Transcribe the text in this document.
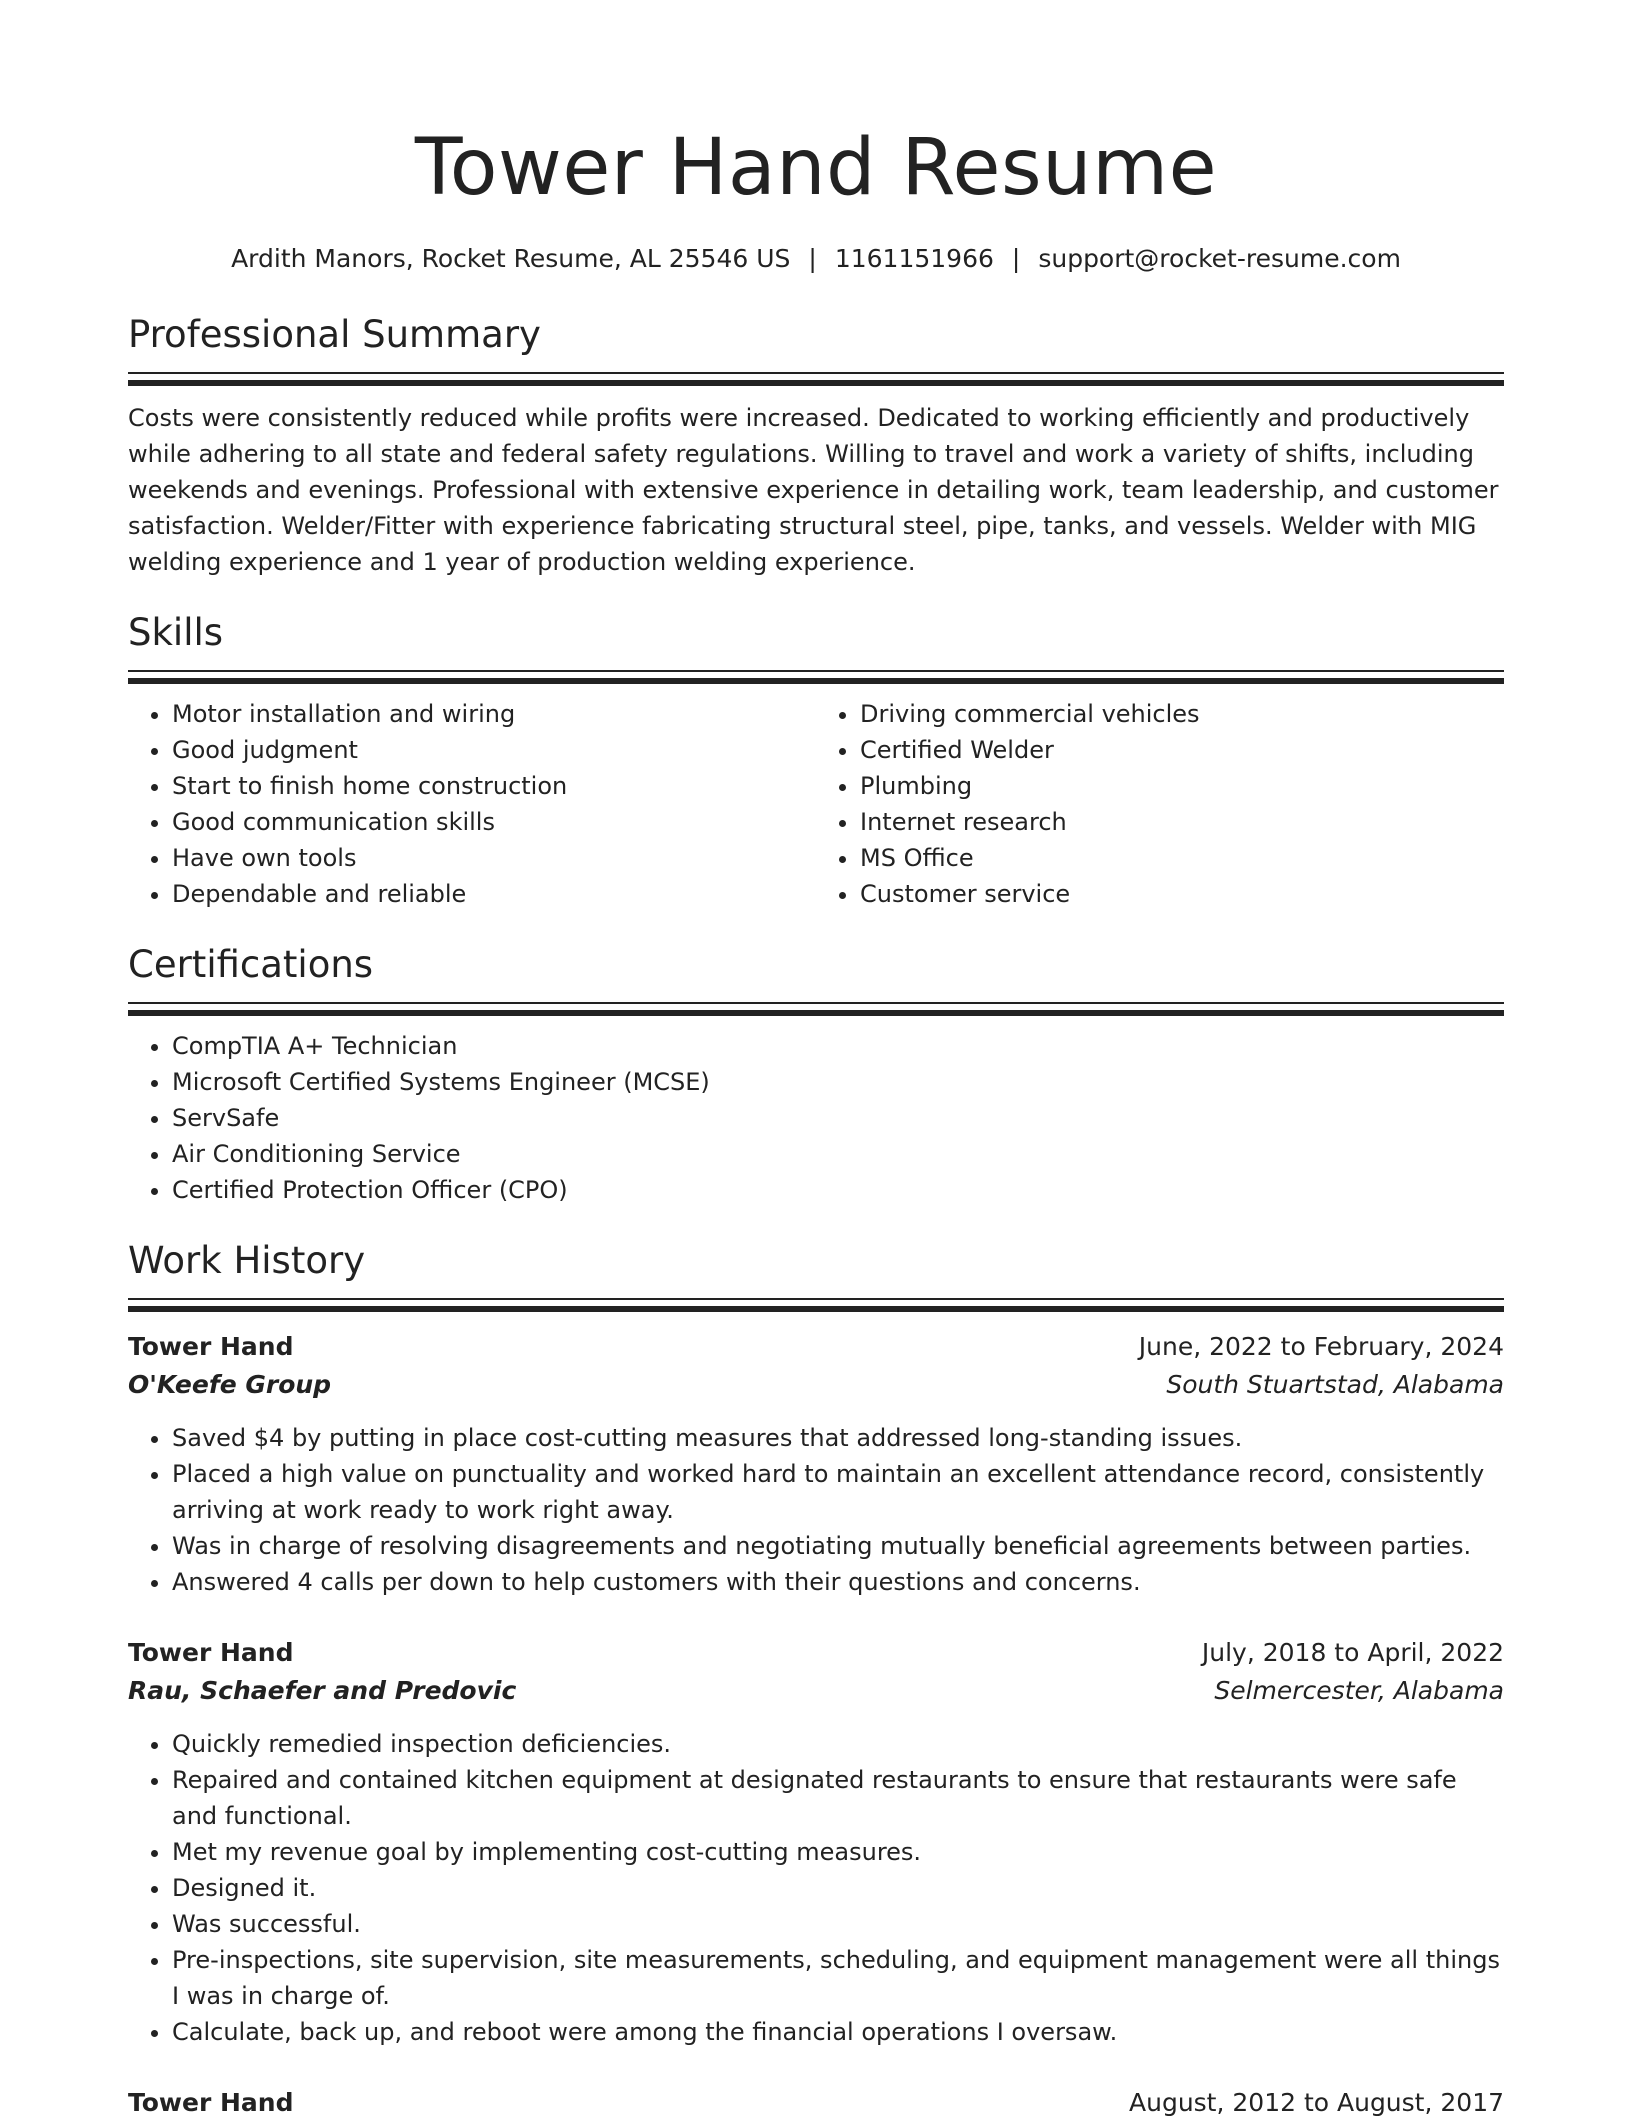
Tower Hand Resume
Ardith Manors, Rocket Resume, AL 25546 US | 1161151966 | support@rocket-resume.com
Professional Summary

Costs were consistently reduced while profits were increased. Dedicated to working efficiently and productively while adhering to all state and federal safety regulations. Willing to travel and work a variety of shifts, including weekends and evenings. Professional with extensive experience in detailing work, team leadership, and customer satisfaction. Welder/Fitter with experience fabricating structural steel, pipe, tanks, and vessels. Welder with MIG welding experience and 1 year of production welding experience.

Skills
• Motor installation and wiring
• Good judgment
• Start to finish home construction
• Good communication skills
• Have own tools
• Dependable and reliable
• Driving commercial vehicles
• Certified Welder
• Plumbing
• Internet research
• MS Office
• Customer service
Certifications
• CompTIA A+ Technician
• Microsoft Certified Systems Engineer (MCSE)
• ServSafe
• Air Conditioning Service
• Certified Protection Officer (CPO)
Work History
Tower Hand	June, 2022 to February, 2024
O'Keefe Group	South Stuartstad, Alabama
• Saved $4 by putting in place cost-cutting measures that addressed long-standing issues.
• Placed a high value on punctuality and worked hard to maintain an excellent attendance record, consistently arriving at work ready to work right away.
• Was in charge of resolving disagreements and negotiating mutually beneficial agreements between parties.
• Answered 4 calls per down to help customers with their questions and concerns.
Tower Hand	July, 2018 to April, 2022
Rau, Schaefer and Predovic	Selmercester, Alabama
• Quickly remedied inspection deficiencies.
• Repaired and contained kitchen equipment at designated restaurants to ensure that restaurants were safe and functional.
• Met my revenue goal by implementing cost-cutting measures.
• Designed it.
• Was successful.
• Pre-inspections, site supervision, site measurements, scheduling, and equipment management were all things I was in charge of.
• Calculate, back up, and reboot were among the financial operations I oversaw.
Tower Hand	August, 2012 to August, 2017
